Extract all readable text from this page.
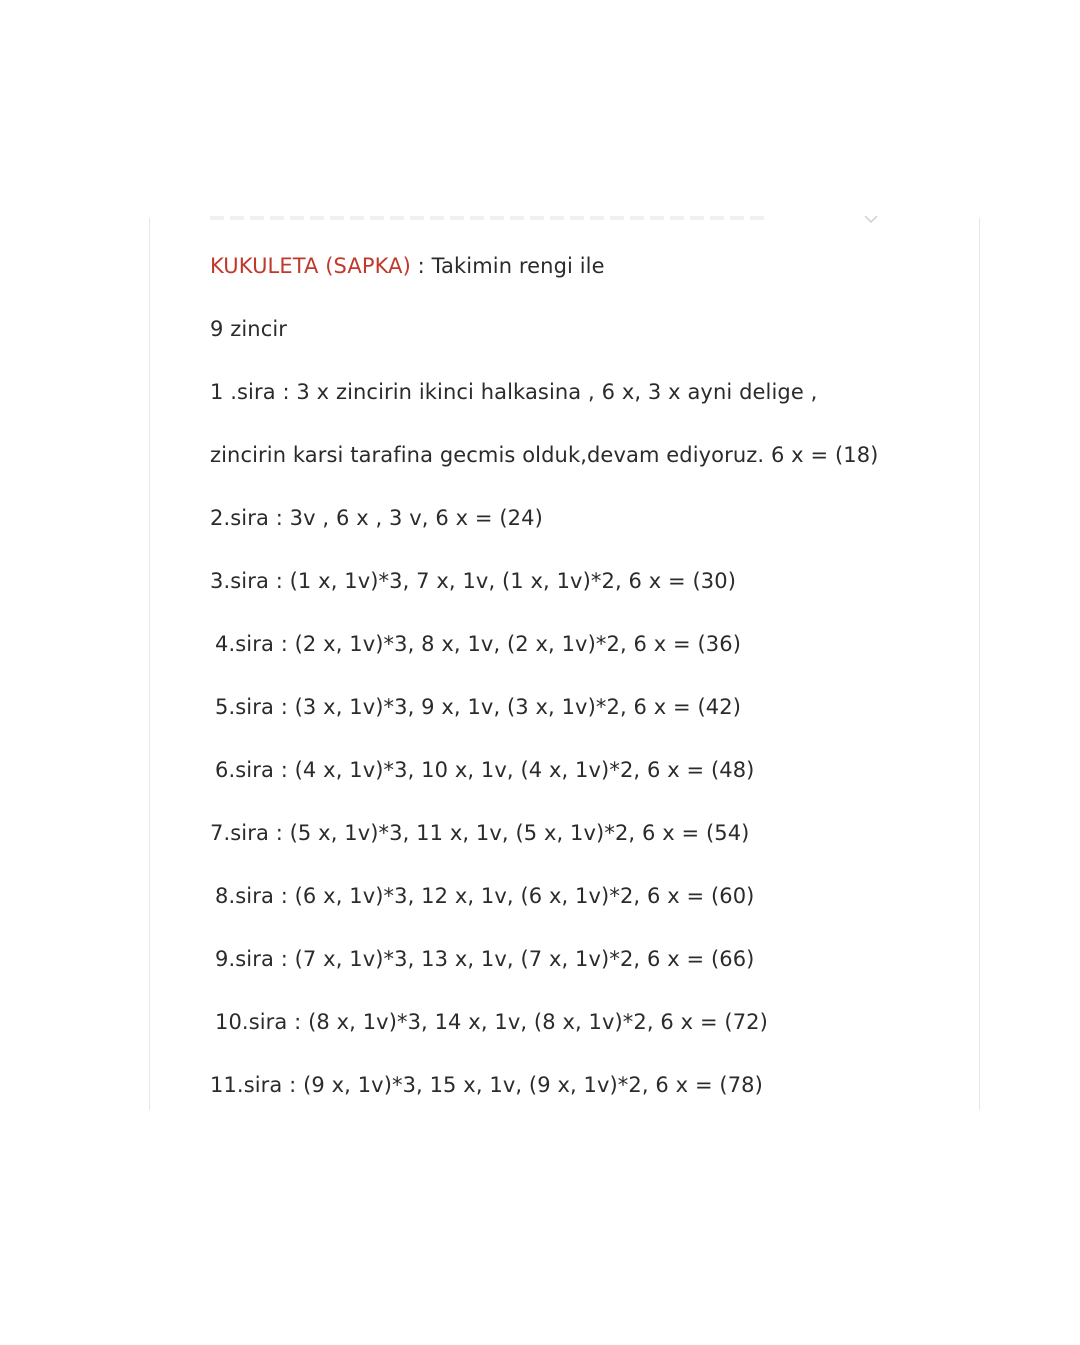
KUKULETA (SAPKA) : Takimin rengi ile
9 zincir
1 .sira : 3 x zincirin ikinci halkasina , 6 x, 3 x ayni delige ,
zincirin karsi tarafina gecmis olduk,devam ediyoruz. 6 x = (18)
2.sira : 3v , 6 x , 3 v, 6 x = (24)
3.sira : (1 x, 1v)*3, 7 x, 1v, (1 x, 1v)*2, 6 x = (30)
4.sira : (2 x, 1v)*3, 8 x, 1v, (2 x, 1v)*2, 6 x = (36)
5.sira : (3 x, 1v)*3, 9 x, 1v, (3 x, 1v)*2, 6 x = (42)
6.sira : (4 x, 1v)*3, 10 x, 1v, (4 x, 1v)*2, 6 x = (48)
7.sira : (5 x, 1v)*3, 11 x, 1v, (5 x, 1v)*2, 6 x = (54)
8.sira : (6 x, 1v)*3, 12 x, 1v, (6 x, 1v)*2, 6 x = (60)
9.sira : (7 x, 1v)*3, 13 x, 1v, (7 x, 1v)*2, 6 x = (66)
10.sira : (8 x, 1v)*3, 14 x, 1v, (8 x, 1v)*2, 6 x = (72)
11.sira : (9 x, 1v)*3, 15 x, 1v, (9 x, 1v)*2, 6 x = (78)
